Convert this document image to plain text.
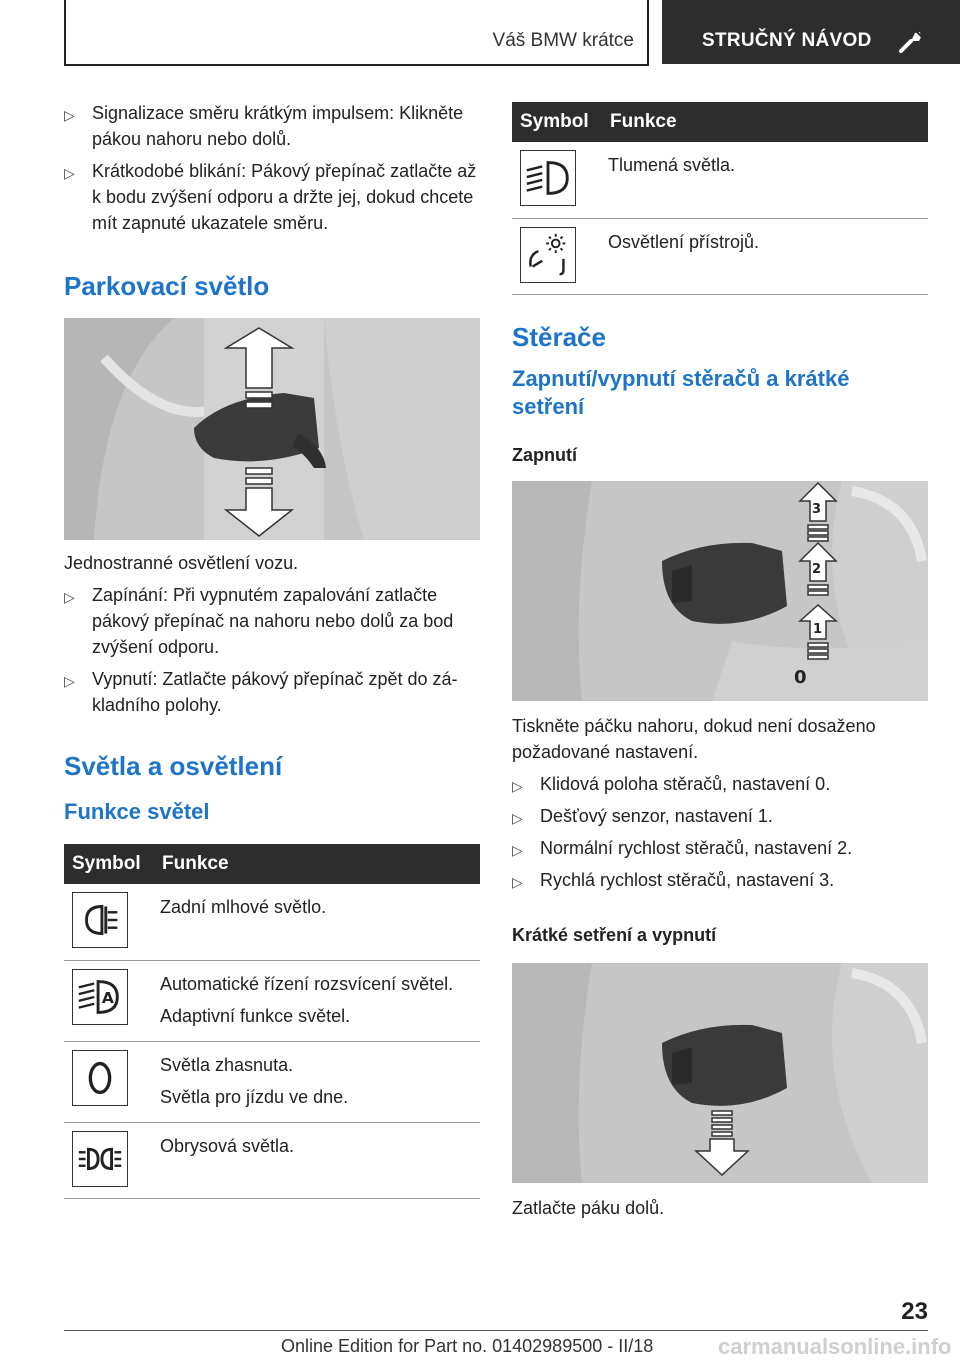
Váš BMW krátce	STRUČNÝ NÁVOD
▷ Signalizace směru krátkým impulsem: Klikněte pákou nahoru nebo dolů.
▷ Krátkodobé blikání: Pákový přepínač zatlačte až k bodu zvýšení odporu a držte jej, dokud chcete mít zapnuté ukazatele směru.
Parkovací světlo
Jednostranné osvětlení vozu.
▷ Zapínání: Při vypnutém zapalování zatlačte pákový přepínač na nahoru nebo dolů za bod zvýšení odporu.
▷ Vypnutí: Zatlačte pákový přepínač zpět do základního polohy.
Světla a osvětlení
Funkce světel
Symbol	Funkce

Zadní mlhové světlo.

A	Automatické řízení rozsvícení světel.
Adaptivní funkce světel.

Světla zhasnuta.
Světla pro jízdu ve dne.

Obrysová světla.
Symbol	Funkce

Tlumená světla.

Osvětlení přístrojů.
Stěrače
Zapnutí/vypnutí stěračů a krátké setření
Zapnutí
3
2
1
0
Tiskněte páčku nahoru, dokud není dosaženo požadované nastavení.
▷ Klidová poloha stěračů, nastavení 0.
▷ Dešťový senzor, nastavení 1.
▷ Normální rychlost stěračů, nastavení 2.
▷ Rychlá rychlost stěračů, nastavení 3.
Krátké setření a vypnutí
Zatlačte páku dolů.
23
Online Edition for Part no. 01402989500 - II/18	carmanualsonline.info
